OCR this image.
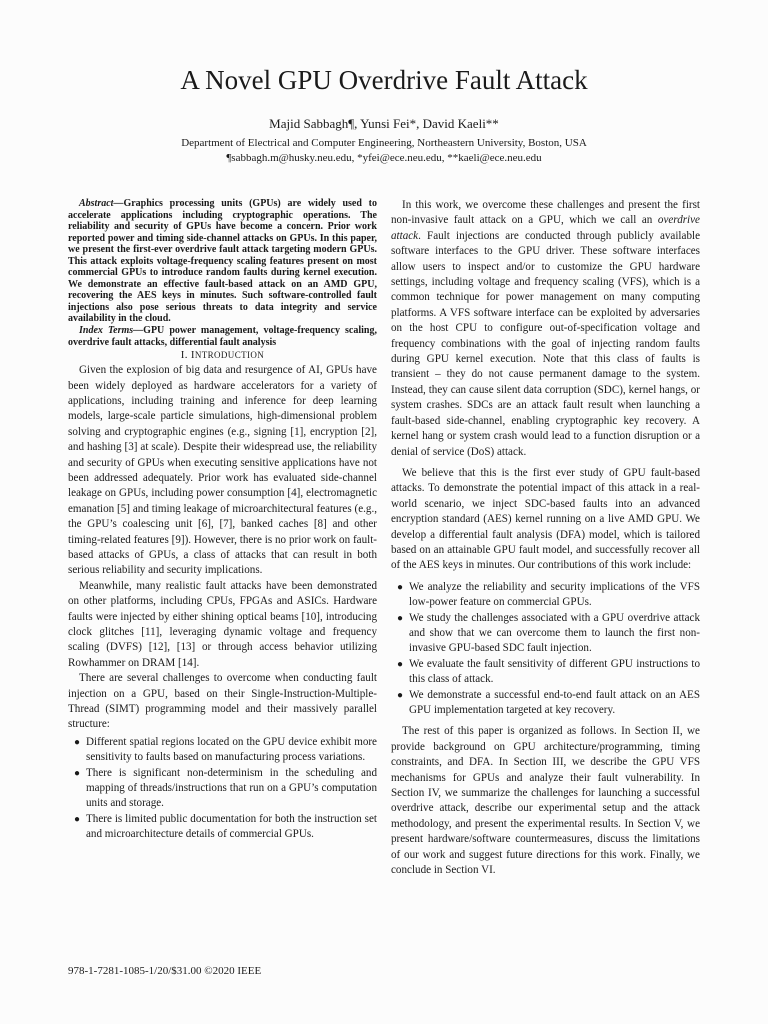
A Novel GPU Overdrive Fault Attack
Majid Sabbagh¶, Yunsi Fei*, David Kaeli**
Department of Electrical and Computer Engineering, Northeastern University, Boston, USA
¶sabbagh.m@husky.neu.edu, *yfei@ece.neu.edu, **kaeli@ece.neu.edu

Abstract—Graphics processing units (GPUs) are widely used to accelerate applications including cryptographic operations. The reliability and security of GPUs have become a concern. Prior work reported power and timing side-channel attacks on GPUs. In this paper, we present the first-ever overdrive fault attack targeting modern GPUs. This attack exploits voltage-frequency scaling features present on most commercial GPUs to introduce random faults during kernel execution. We demonstrate an effective fault-based attack on an AMD GPU, recovering the AES keys in minutes. Such software-controlled fault injections also pose serious threats to data integrity and service availability in the cloud.

Index Terms—GPU power management, voltage-frequency scaling, overdrive fault attacks, differential fault analysis

I. INTRODUCTION

Given the explosion of big data and resurgence of AI, GPUs have been widely deployed as hardware accelerators for a variety of applications, including training and inference for deep learning models, large-scale particle simulations, high-dimensional problem solving and cryptographic engines (e.g., signing [1], encryption [2], and hashing [3] at scale). Despite their widespread use, the reliability and security of GPUs when executing sensitive applications have not been addressed adequately. Prior work has evaluated side-channel leakage on GPUs, including power consumption [4], electromagnetic emanation [5] and timing leakage of microarchitectural features (e.g., the GPU’s coalescing unit [6], [7], banked caches [8] and other timing-related features [9]). However, there is no prior work on fault-based attacks of GPUs, a class of attacks that can result in both serious reliability and security implications.

Meanwhile, many realistic fault attacks have been demonstrated on other platforms, including CPUs, FPGAs and ASICs. Hardware faults were injected by either shining optical beams [10], introducing clock glitches [11], leveraging dynamic voltage and frequency scaling (DVFS) [12], [13] or through access behavior utilizing Rowhammer on DRAM [14].

There are several challenges to overcome when conducting fault injection on a GPU, based on their Single-Instruction-Multiple-Thread (SIMT) programming model and their massively parallel structure:

● Different spatial regions located on the GPU device exhibit more sensitivity to faults based on manufacturing process variations.
● There is significant non-determinism in the scheduling and mapping of threads/instructions that run on a GPU’s computation units and storage.
● There is limited public documentation for both the instruction set and microarchitecture details of commercial GPUs.

In this work, we overcome these challenges and present the first non-invasive fault attack on a GPU, which we call an overdrive attack. Fault injections are conducted through publicly available software interfaces to the GPU driver. These software interfaces allow users to inspect and/or to customize the GPU hardware settings, including voltage and frequency scaling (VFS), which is a common technique for power management on many computing platforms. A VFS software interface can be exploited by adversaries on the host CPU to configure out-of-specification voltage and frequency combinations with the goal of injecting random faults during GPU kernel execution. Note that this class of faults is transient – they do not cause permanent damage to the system. Instead, they can cause silent data corruption (SDC), kernel hangs, or system crashes. SDCs are an attack fault result when launching a fault-based side-channel, enabling cryptographic key recovery. A kernel hang or system crash would lead to a function disruption or a denial of service (DoS) attack.

We believe that this is the first ever study of GPU fault-based attacks. To demonstrate the potential impact of this attack in a real-world scenario, we inject SDC-based faults into an advanced encryption standard (AES) kernel running on a live AMD GPU. We develop a differential fault analysis (DFA) model, which is tailored based on an attainable GPU fault model, and successfully recover all of the AES keys in minutes. Our contributions of this work include:

● We analyze the reliability and security implications of the VFS low-power feature on commercial GPUs.
● We study the challenges associated with a GPU overdrive attack and show that we can overcome them to launch the first non-invasive GPU-based SDC fault injection.
● We evaluate the fault sensitivity of different GPU instructions to this class of attack.
● We demonstrate a successful end-to-end fault attack on an AES GPU implementation targeted at key recovery.

The rest of this paper is organized as follows. In Section II, we provide background on GPU architecture/programming, timing constraints, and DFA. In Section III, we describe the GPU VFS mechanisms for GPUs and analyze their fault vulnerability. In Section IV, we summarize the challenges for launching a successful overdrive attack, describe our experimental setup and the attack methodology, and present the experimental results. In Section V, we present hardware/software countermeasures, discuss the limitations of our work and suggest future directions for this work. Finally, we conclude in Section VI.

978-1-7281-1085-1/20/$31.00 ©2020 IEEE
